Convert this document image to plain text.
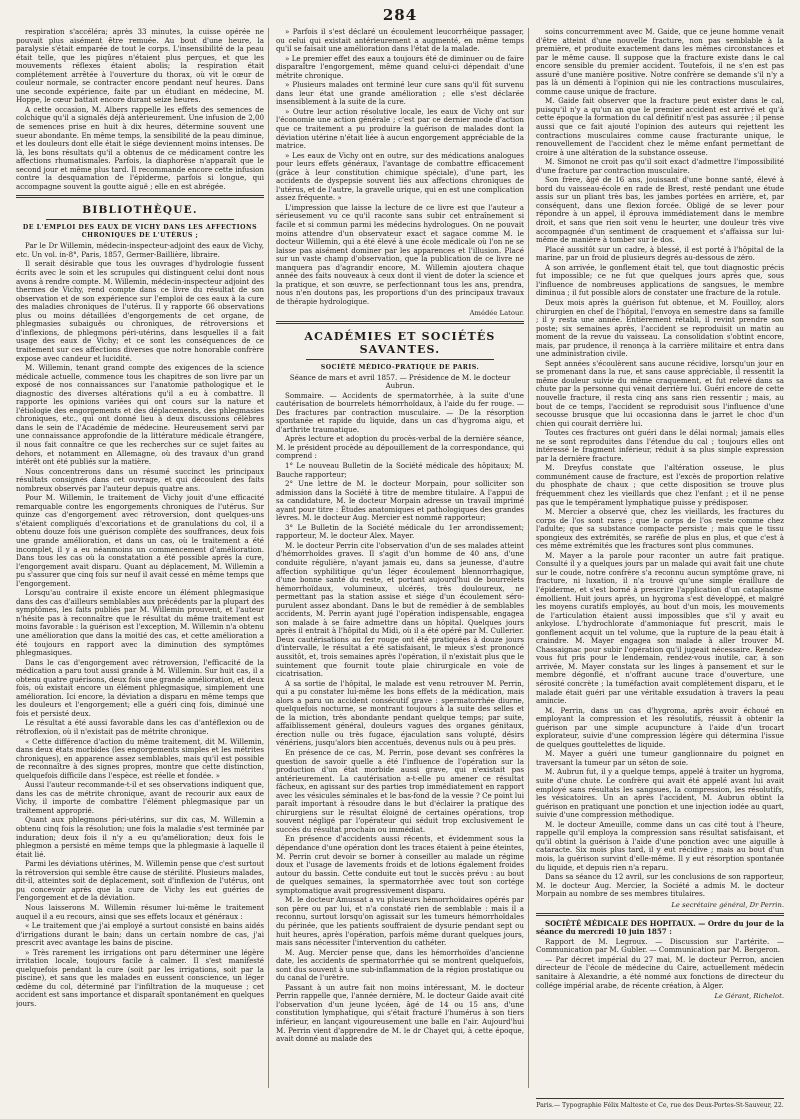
284

respiration s'accéléra; après 33 minutes, la cuisse opérée ne pouvait plus aisément être remuée. Au bout d'une heure, la paralysie s'était emparée de tout le corps. L'insensibilité de la peau était telle, que les piqûres n'étaient plus perçues, et que les mouvements réflexes étaient abolis; la respiration était complétement arrêtée à l'ouverture du thorax, où vit le cœur de couleur normale, se contracter encore pendant neuf heures. Dans une seconde expérience, faite par un étudiant en médecine, M. Hoppe, le cœur battait encore durant seize heures.

A cette occasion, M. Albers rappelle les effets des semences de colchique qu'il a signalés déjà antérieurement. Une infusion de 2,00 de semences prise en huit à dix heures, détermine souvent une sueur abondante. En même temps, la sensibilité de la peau diminue, et les douleurs dont elle était le siége deviennent moins intenses. De là, les bons résultats qu'il a obtenus de ce médicament contre les affections rhumatismales. Parfois, la diaphorèse n'apparaît que le second jour et même plus tard. Il recommande encore cette infusion contre la desquamation de l'épiderme, parfois si longue, qui accompagne souvent la goutte aiguë ; elle en est abrégée.

BIBLIOTHÈQUE.
DE L'EMPLOI DES EAUX DE VICHY DANS LES AFFECTIONS CHRONIQUES DE L'UTÉRUS ;

Par le Dr Willemin, médecin-inspecteur-adjoint des eaux de Vichy, etc. Un vol. in-8°, Paris, 1857, Germer-Baillière, libraire.

Il serait désirable que tous les ouvrages d'hydrologie fussent écrits avec le soin et les scrupules qui distinguent celui dont nous avons à rendre compte. M. Willemin, médecin-inspecteur adjoint des thermes de Vichy, rend compte dans ce livre du résultat de son observation et de son expérience sur l'emploi de ces eaux à la cure des maladies chroniques de l'utérus. Il y rapporte 66 observations plus ou moins détaillées d'engorgements de cet organe, de phlegmasies subaiguës ou chroniques, de rétroversions et d'inflexions, de phlegmons péri-utérins, dans lesquelles il a fait usage des eaux de Vichy; et ce sont les conséquences de ce traitement sur ces affections diverses que notre honorable confrère expose avec candeur et lucidité.

M. Willemin, tenant grand compte des exigences de la science médicale actuelle, commence tous les chapitres de son livre par un exposé de nos connaissances sur l'anatomie pathologique et le diagnostic des diverses altérations qu'il a eu à combattre. Il rapporte les opinions variées qui ont cours sur la nature et l'étiologie des engorgements et des déplacements, des phlegmasies chroniques, etc., qui ont donné lieu à deux discussions célèbres dans le sein de l'Académie de médecine. Heureusement servi par une connaissance approfondie de la littérature médicale étrangère, il nous fait connaître ce que les recherches sur ce sujet faites au dehors, et notamment en Allemagne, où des travaux d'un grand intérêt ont été publiés sur la matière.

Nous concentrerons dans un résumé succinct les principaux résultats consignés dans cet ouvrage, et qui découlent des faits nombreux observés par l'auteur depuis quatre ans.

Pour M. Willemin, le traitement de Vichy jouit d'une efficacité remarquable contre les engorgements chroniques de l'utérus. Sur quinze cas d'engorgement avec rétroversion, dont quelques-uns s'étaient compliqués d'excoriations et de granulations du col, il a obtenu douze fois une guérison complète des souffrances, deux fois une grande amélioration, et dans un cas, où le traitement a été incomplet, il y a eu néanmoins un commencement d'amélioration. Dans tous les cas où la constatation a été possible après la cure, l'engorgement avait disparu. Quant au déplacement, M. Willemin a pu s'assurer que cinq fois sur neuf il avait cessé en même temps que l'engorgement.

Lorsqu'au contraire il existe encore un élément phlegmasique dans des cas d'ailleurs semblables aux précédents par la plupart des symptômes, les faits publiés par M. Willemin prouvent, et l'auteur n'hésite pas à reconnaître que le résultat du même traitement est moins favorable : la guérison est l'exception, M. Willemin n'a obtenu une amélioration que dans la moitié des cas, et cette amélioration a été toujours en rapport avec la diminution des symptômes phlegmasiques.

Dans le cas d'engorgement avec rétroversion, l'efficacité de la médication a paru tout aussi grande à M. Willemin. Sur huit cas, il a obtenu quatre guérisons, deux fois une grande amélioration, et deux fois, où existait encore un élément phlegmasique, simplement une amélioration. Ici encore, la déviation a disparu en même temps que les douleurs et l'engorgement; elle a guéri cinq fois, diminué une fois et persisté deux.

Le résultat a été aussi favorable dans les cas d'antéflexion ou de rétroflexion, où il n'existait pas de métrite chronique.

« Cette différence d'action du même traitement, dit M. Willemin, dans deux états morbides (les engorgements simples et les métrites chroniques), en apparence assez semblables, mais qu'il est possible de reconnaître à des signes propres, montre que cette distinction, quelquefois difficile dans l'espèce, est réelle et fondée. »

Aussi l'auteur recommande-t-il et ses observations indiquent que, dans les cas de métrite chronique, avant de recourir aux eaux de Vichy, il importe de combattre l'élément phlegmasique par un traitement approprié.

Quant aux phlegmons péri-utérins, sur dix cas, M. Willemin a obtenu cinq fois la résolution; une fois la maladie s'est terminée par induration; deux fois il n'y a eu qu'amélioration; deux fois le phlegmon a persisté en même temps que la phlegmasie à laquelle il était lié.

Parmi les déviations utérines, M. Willemin pense que c'est surtout la rétroversion qui semble être cause de stérilité. Plusieurs malades, dit-il, atteintes soit de déplacement, soit d'inflexion de l'utérus, ont pu concevoir après que la cure de Vichy les eut guéries de l'engorgement et de la déviation.

Nous laisserons M. Willemin résumer lui-même le traitement auquel il a eu recours, ainsi que ses effets locaux et généraux :

« Le traitement que j'ai employé a surtout consisté en bains aidés d'irrigations durant le bain; dans un certain nombre de cas, j'ai prescrit avec avantage les bains de piscine.

» Très rarement les irrigations ont paru déterminer une légère irritation locale, toujours facile à calmer. Il s'est manifesté quelquefois pendant la cure (soit par les irrigations, soit par la piscine), et sans que les malades en eussent conscience, un léger œdème du col, déterminé par l'infiltration de la muqueuse ; cet accident est sans importance et disparaît spontanément en quelques jours.

» Parfois il s'est déclaré un écoulement leucorrhéique passager, ou celui qui existait antérieurement a augmenté, en même temps qu'il se faisait une amélioration dans l'état de la malade.

» Le premier effet des eaux a toujours été de diminuer ou de faire disparaître l'engorgement, même quand celui-ci dépendait d'une métrite chronique.

» Plusieurs malades ont terminé leur cure sans qu'il fût survenu dans leur état une grande amélioration ; elle s'est déclarée insensiblement à la suite de la cure.

» Outre leur action résolutive locale, les eaux de Vichy ont sur l'économie une action générale ; c'est par ce dernier mode d'action que ce traitement a pu produire la guérison de malades dont la déviation utérine n'était liée à aucun engorgement appréciable de la matrice.

» Les eaux de Vichy ont en outre, sur des médications analogues pour leurs effets généraux, l'avantage de combattre efficacement (grâce à leur constitution chimique spéciale), d'une part, les accidents de dyspepsie souvent liés aux affections chroniques de l'utérus, et de l'autre, la gravelle urique, qui en est une complication assez fréquente. »

L'impression que laisse la lecture de ce livre est que l'auteur a sérieusement vu ce qu'il raconte sans subir cet entraînement si facile et si commun parmi les médecins hydrologues. On ne pouvait moins attendre d'un observateur exact et sagace comme M. le docteur Willemin, qui a été élevé à une école médicale où l'on ne se laisse pas aisément dominer par les apparences et l'illusion. Placé sur un vaste champ d'observation, que la publication de ce livre ne manquera pas d'agrandir encore, M. Willemin ajoutera chaque année des faits nouveaux à ceux dont il vient de doter la science et la pratique, et son œuvre, se perfectionnant tous les ans, prendra, nous n'en doutons pas, les proportions d'un des principaux travaux de thérapie hydrologique.

Amédée Latour.
ACADÉMIES ET SOCIÉTÉS SAVANTES.
SOCIÉTÉ MÉDICO-PRATIQUE DE PARIS.

Séance de mars et avril 1857. — Présidence de M. le docteur Aubrun.

Sommaire. — Accidents de spermatorrhée, à la suite d'une cautérisation de bourrelets hémorrhoïdaux, à l'aide du fer rouge. — Des fractures par contraction musculaire. — De la résorption spontanée et rapide du liquide, dans un cas d'hygroma aigu, et d'arthrite traumatique.

Après lecture et adoption du procès-verbal de la dernière séance, M. le président procède au dépouillement de la correspondance, qui comprend :

1° Le nouveau Bulletin de la Société médicale des hôpitaux; M. Bauche rapporteur;

2° Une lettre de M. le docteur Morpain, pour solliciter son admission dans la Société à titre de membre titulaire. A l'appui de sa candidature, M. le docteur Morpain adresse un travail imprimé ayant pour titre : Études anatomiques et pathologiques des grandes lèvres. M. le docteur Aug. Mercier est nommé rapporteur;

3° Le Bulletin de la Société médicale du 1er arrondissement; rapporteur, M. le docteur Alex. Mayer.

M. le docteur Perrin cite l'observation d'un de ses malades atteint d'hémorrhoïdes graves. Il s'agit d'un homme de 40 ans, d'une conduite régulière, n'ayant jamais eu, dans sa jeunesse, d'autre affection syphilitique qu'un léger écoulement blennorrhagique, d'une bonne santé du reste, et portant aujourd'hui de bourrelets hémorrhoïdaux, volumineux, ulcérés, très douloureux, ne permettant pas la station assise et siége d'un écoulement séro-purulent assez abondant. Dans le but de remédier à de semblables accidents, M. Perrin ayant jugé l'opération indispensable, engagea son malade à se faire admettre dans un hôpital. Quelques jours après il entrait à l'hôpital du Midi, où il a été opéré par M. Cullerier. Deux cautérisations au fer rouge ont été pratiquées à douze jours d'intervalle, le résultat a été satisfaisant, le mieux s'est prononcé aussitôt, et, trois semaines après l'opération, il n'existait plus que le suintement que fournit toute plaie chirurgicale en voie de cicatrisation.

A sa sortie de l'hôpital, le malade est venu retrouver M. Perrin, qui a pu constater lui-même les bons effets de la médication, mais alors a paru un accident consécutif grave : spermatorrhée diurne, quelquefois nocturne, se montrant toujours à la suite des selles et de la miction, très abondante pendant quelque temps; par suite, affaiblissement général, douleurs vagues des organes génitaux, érection nulle ou très fugace, éjaculation sans volupté, désirs vénériens, jusqu'alors bien accentués, devenus nuls ou à peu près.

En présence de ce cas, M. Perrin, pose devant ses confrères la question de savoir quelle a été l'influence de l'opération sur la production d'un état morbide aussi grave, qui n'existait pas antérieurement. La cautérisation a-t-elle pu amener ce résultat fâcheux, en agissant sur des parties trop immédiatement en rapport avec les vésicules séminales et le bas-fond de la vessie ? Ce point lui paraît important à résoudre dans le but d'éclairer la pratique des chirurgiens sur le résultat éloigné de certaines opérations, trop souvent négligé par l'opérateur qui séduit trop exclusivement le succès du résultat prochain ou immédiat.

En présence d'accidents aussi récents, et évidemment sous la dépendance d'une opération dont les traces étaient à peine éteintes, M. Perrin crut devoir se borner à conseiller au malade un régime doux et l'usage de lavements froids et de lotions également froides autour du bassin. Cette conduite eut tout le succès prévu : au bout de quelques semaines, la spermatorrhée avec tout son cortége symptomatique avait progressivement disparu.

M. le docteur Amussat a vu plusieurs hémorrhoïdaires opérés par son père ou par lui, et n'a constaté rien de semblable : mais il a reconnu, surtout lorsqu'on agissait sur les tumeurs hémorrhoïdales du périnée, que les patients souffraient de dysurie pendant sept ou huit heures, après l'opération, parfois même durant quelques jours, mais sans nécessiter l'intervention du cathéter.

M. Aug. Mercier pense que, dans les hémorrhoïdes d'ancienne date, les accidents de spermatorrhée qui se montrent quelquefois, sont dus souvent à une sub-inflammation de la région prostatique ou du canal de l'urètre.

Passant à un autre fait non moins intéressant, M. le docteur Perrin rappelle que, l'année dernière, M. le docteur Gaide avait cité l'observation d'un jeune lycéen, âgé de 14 ou 15 ans, d'une constitution lymphatique, qui s'était fracturé l'humérus à son tiers inférieur, en lançant vigoureusement une balle en l'air. Aujourd'hui M. Perrin vient d'apprendre de M. le dr Chayet qui, à cette époque, avait donné au malade des

soins concurremment avec M. Gaide, que ce jeune homme venait d'être atteint d'une nouvelle fracture, non pas semblable à la première, et produite exactement dans les mêmes circonstances et par le même cause. Il suppose que la fracture existe dans le cal encore sensible du premier accident. Toutefois, il ne s'en est pas assuré d'une manière positive. Notre confrère se demande s'il n'y a pas là un démenti à l'opinion qui nie les contractions musculaires, comme cause unique de fracture.

M. Gaide fait observer que la fracture peut exister dans le cal, puisqu'il n'y a qu'un an que le premier accident est arrivé et qu'à cette époque la formation du cal définitif n'est pas assurée ; il pense aussi que ce fait ajouté l'opinion des auteurs qui rejettent les contractions musculaires comme cause fracturante unique, le renouvellement de l'accident chez le même enfant permettant de croire à une altération de la substance osseuse.

M. Simonot ne croit pas qu'il soit exact d'admettre l'impossibilité d'une fracture par contraction musculaire.

Son frère, âgé de 16 ans, jouissant d'une bonne santé, élevé à bord du vaisseau-école en rade de Brest, resté pendant une étude assis sur un pliant très bas, les jambes portées en arrière, et, par conséquent, dans une flexion forcée. Obligé de se lever pour répondre à un appel, il éprouva immédiatement dans le membre droit, et sans que rien soit venu le heurter, une douleur très vive accompagnée d'un sentiment de craquement et s'affaissa sur lui-même de manière à tomber sur le dos.

Placé aussitôt sur un cadre, à blessé, il est porté à l'hôpital de la marine, par un froid de plusieurs degrés au-dessous de zéro.

A son arrivée, le gonflement était tel, que tout diagnostic précis fut impossible; ce ne fut que quelques jours après que, sous l'influence de nombreuses applications de sangsues, le membre diminua ; il fut possible alors de constater une fracture de la rotule.

Deux mois après la guérison fut obtenue, et M. Fouilloy, alors chirurgien en chef de l'hôpital, l'envoya en semestre dans sa famille ; il y resta une année. Entièrement rétabli, il revint prendre son poste; six semaines après, l'accident se reproduisit un matin au moment de la revue du vaisseau. La consolidation s'obtint encore, mais, par prudence, il renonça à la carrière militaire et entra dans une administration civile.

Sept années s'écoulèrent sans aucune récidive, lorsqu'un jour en se promenant dans la rue, et sans cause appréciable, il ressentit la même douleur suivie du même craquement, et fut relevé dans sa chute par la personne qui venait derrière lui. Guéri encore de cette nouvelle fracture, il resta cinq ans sans rien ressentir ; mais, au bout de ce temps, l'accident se reproduisit sous l'influence d'une secousse brusque que lui occasionna dans le jarret le choc d'un chien qui courait derrière lui.

Toutes ces fractures ont guéri dans le délai normal; jamais elles ne se sont reproduites dans l'étendue du cal ; toujours elles ont intéressé le fragment inférieur, réduit à sa plus simple expression par la dernière fracture.

M. Dreyfus constate que l'altération osseuse, le plus communément cause de fracture, est l'excès de proportion relative du phosphate de chaux ; que cette disposition se trouve plus fréquemment chez les vieillards que chez l'enfant ; et il ne pense pas que le tempérament lymphatique puisse y prédisposer.

M. Mercier a observé que, chez les vieillards, les fractures du corps de l'os sont rares ; que le corps de l'os reste comme chez l'adulte; que sa substance compacte persiste ; mais que le tissu spongieux des extrémités, se raréfie de plus en plus, et que c'est à ces même extrémités que les fractures sont plus communes.

M. Mayer a la parole pour raconter un autre fait pratique. Consulté il y a quelques jours par un malade qui avait fait une chute sur le coude, notre confrère s'a reconnu aucun symptôme grave, ni fracture, ni luxation, il n'a trouvé qu'une simple éraillure de l'épiderme, et s'est borné à prescrire l'application d'un cataplasme émollient. Huit jours après, un hygroma s'est développé, et malgré les moyens curatifs employés, au bout d'un mois, les mouvements de l'articulation étaient aussi impossibles que s'il y avait eu ankylose. L'hydrochlorate d'ammoniaque fut prescrit, mais le gonflement acquit un tel volume, que la rupture de la peau était à craindre. M. Mayer engagea son malade à aller trouver M. Chassaignac pour subir l'opération qu'il jugeait nécessaire. Rendez-vous fut pris pour le lendemain, rendez-vous inutile, car, à son arrivée, M. Mayer constata sur les linges à pansement et sur le membre dégonflé, et n'offrant aucune trace d'ouverture, une sérosité concrète ; la tuméfaction avait complétement disparu, et le malade était guéri par une véritable exsudation à travers la peau amincie.

M. Perrin, dans un cas d'hygroma, après avoir échoué en employant la compression et les résolutifs, réussit à obtenir la guérison par une simple acupuncture à l'aide d'un trocart explorateur, suivie d'une compression légère qui détermina l'issue de quelques gouttelettes de liquide.

M. Mayer a guéri une tumeur ganglionnaire du poignet en traversant la tumeur par un séton de soie.

M. Aubrun fut, il y a quelque temps, appelé à traiter un hygroma, suite d'une chute. Le confrère qui avait été appelé avant lui avait employé sans résultats les sangsues, la compression, les résolutifs, les vésicatoires. Un an après l'accident, M. Aubrun obtint la guérison en pratiquant une ponction et une injection iodée au quart, suivie d'une compression méthodique.

M. le docteur Ameuille, comme dans un cas cité tout à l'heure, rappelle qu'il employa la compression sans résultat satisfaisant, et qu'il obtint la guérison à l'aide d'une ponction avec une aiguille à cataracte. Six mois plus tard, il y eut récidive ; mais au bout d'un mois, la guérison survint d'elle-même. Il y eut résorption spontanée du liquide, et depuis rien n'a reparu.

Dans sa séance du 12 avril, sur les conclusions de son rapporteur, M. le docteur Aug. Mercier, la Société a admis M. le docteur Morpain au nombre de ses membres titulaires.

Le secrétaire général, Dr Perrin.

SOCIÉTÉ MÉDICALE DES HOPITAUX. — Ordre du jour de la séance du mercredi 10 juin 1857 :

Rapport de M. Legroux. — Discussion sur l'artérite. — Communication par M. Gubler. — Communication par M. Bergeron.

— Par décret impérial du 27 mai, M. le docteur Perron, ancien directeur de l'école de médecine du Caire, actuellement médecin sanitaire à Alexandrie, a été nommé aux fonctions de directeur du collége impérial arabe, de récente création, à Alger.

Le Gérant, Richelot.
Paris.— Typographie Félix Malteste et Ce, rue des Deux-Portes-St-Sauveur, 22.
